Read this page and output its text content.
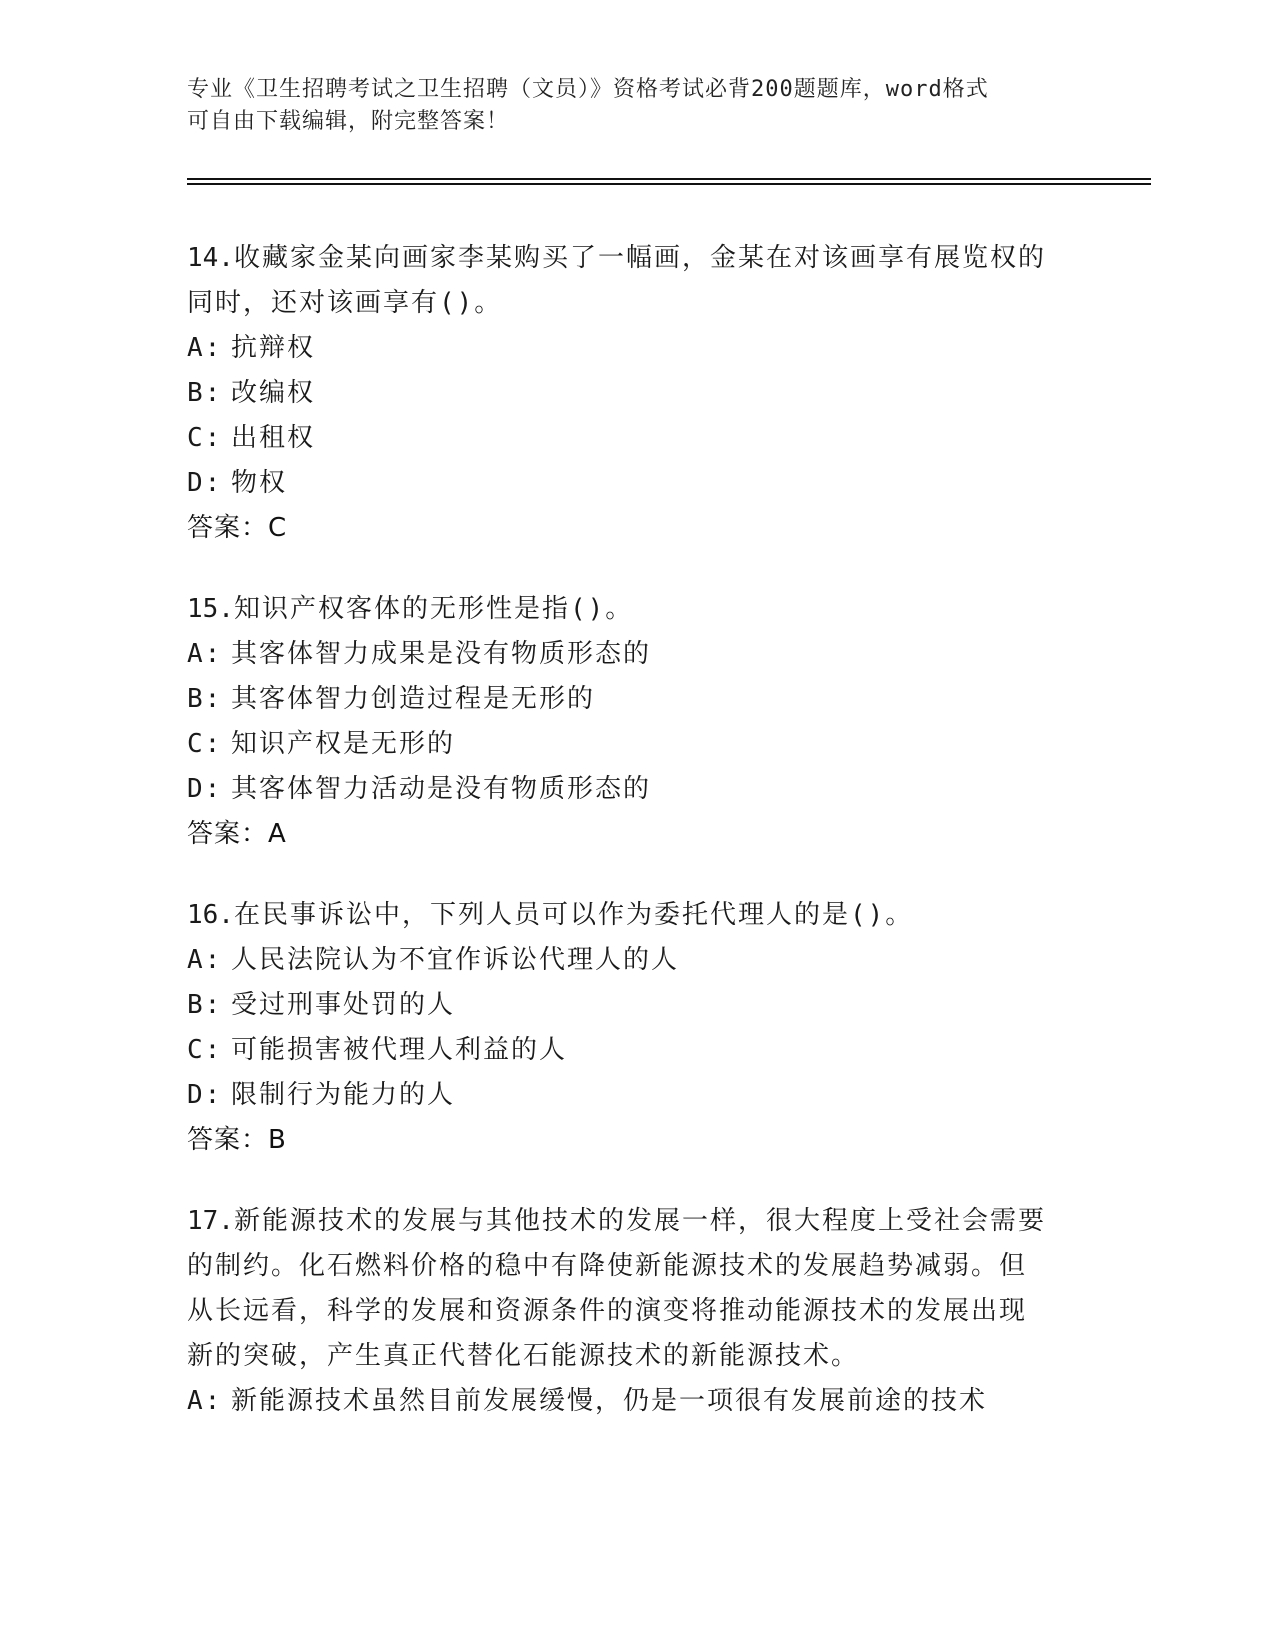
专业《卫生招聘考试之卫生招聘（文员）》资格考试必背200题题库，word格式
可自由下载编辑，附完整答案！
14.收藏家金某向画家李某购买了一幅画，金某在对该画享有展览权的
同时，还对该画享有()。
A: 抗辩权
B: 改编权
C: 出租权
D: 物权
答案：C
15.知识产权客体的无形性是指()。
A: 其客体智力成果是没有物质形态的
B: 其客体智力创造过程是无形的
C: 知识产权是无形的
D: 其客体智力活动是没有物质形态的
答案：A
16.在民事诉讼中，下列人员可以作为委托代理人的是()。
A: 人民法院认为不宜作诉讼代理人的人
B: 受过刑事处罚的人
C: 可能损害被代理人利益的人
D: 限制行为能力的人
答案：B
17.新能源技术的发展与其他技术的发展一样，很大程度上受社会需要
的制约。化石燃料价格的稳中有降使新能源技术的发展趋势减弱。但
从长远看，科学的发展和资源条件的演变将推动能源技术的发展出现
新的突破，产生真正代替化石能源技术的新能源技术。
A: 新能源技术虽然目前发展缓慢，仍是一项很有发展前途的技术
